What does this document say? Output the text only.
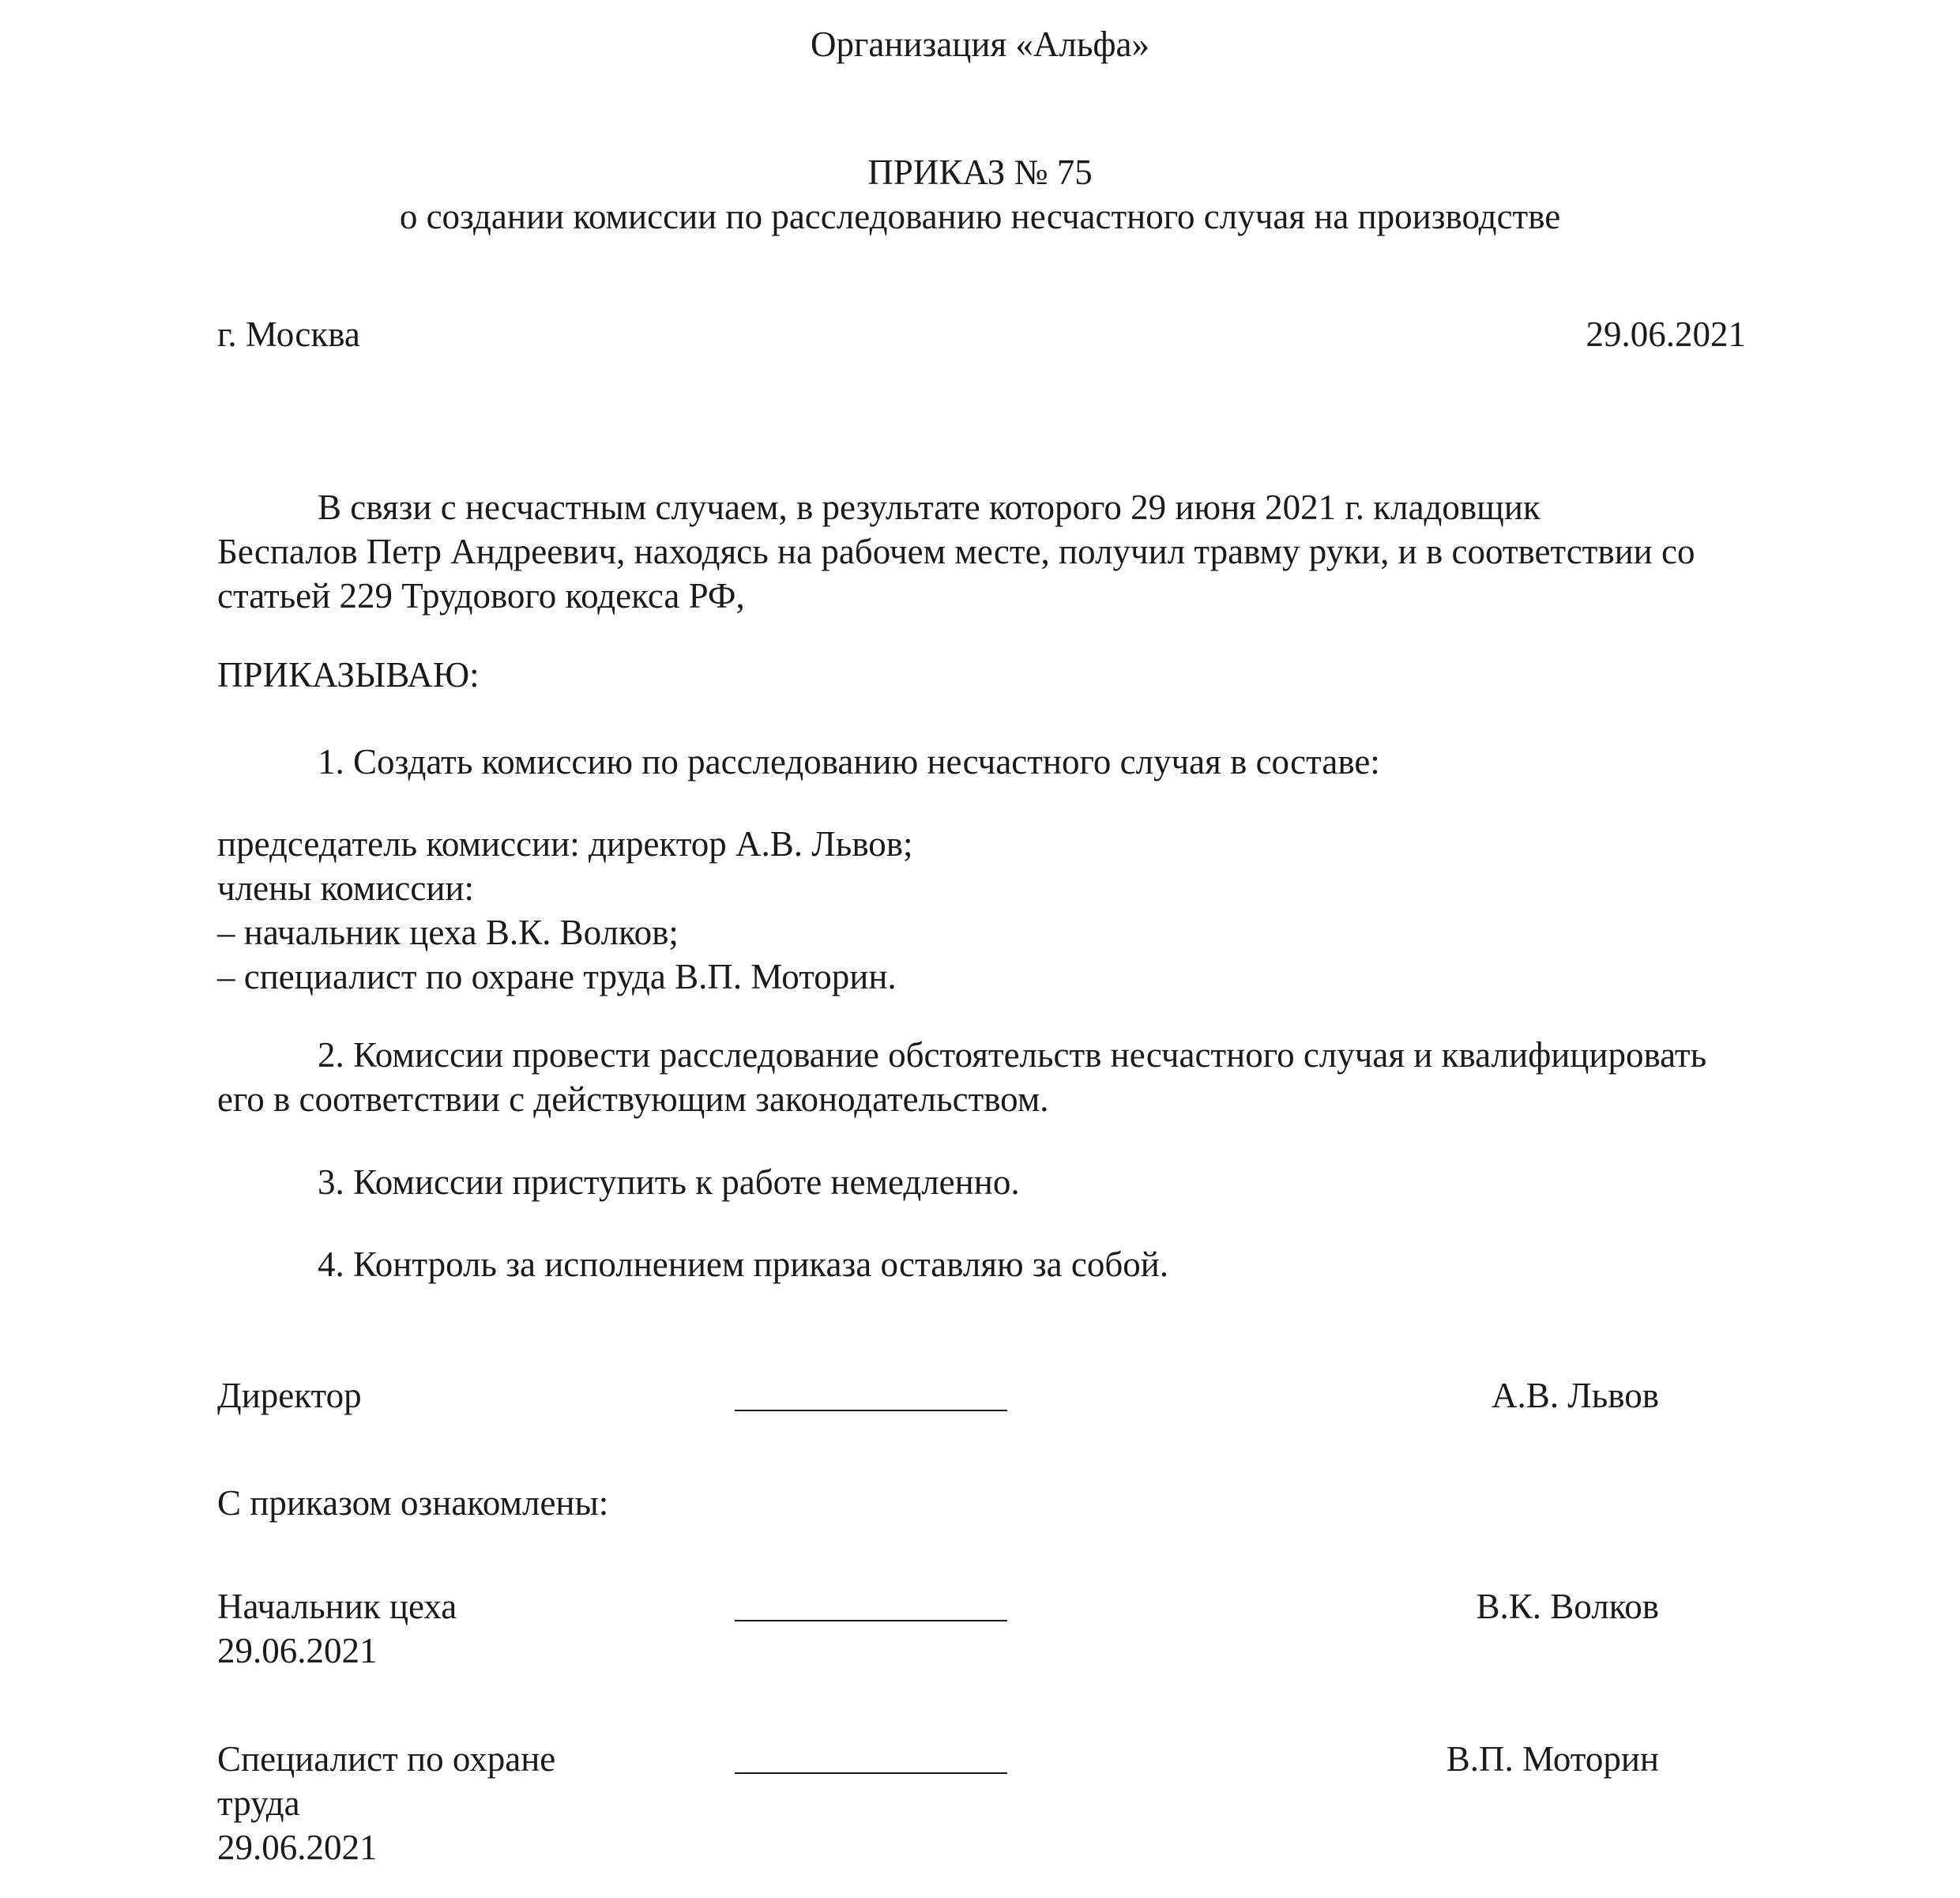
Организация «Альфа»

ПРИКАЗ № 75

о создании комиссии по расследованию несчастного случая на производстве

г. Москва	29.06.2021

В связи с несчастным случаем, в результате которого 29 июня 2021 г. кладовщик

Беспалов Петр Андреевич, находясь на рабочем месте, получил травму руки, и в соответствии со

статьей 229 Трудового кодекса РФ,

ПРИКАЗЫВАЮ:

1. Создать комиссию по расследованию несчастного случая в составе:

председатель комиссии: директор А.В. Львов;

члены комиссии:

– начальник цеха В.К. Волков;

– специалист по охране труда В.П. Моторин.

2. Комиссии провести расследование обстоятельств несчастного случая и квалифицировать

его в соответствии с действующим законодательством.

3. Комиссии приступить к работе немедленно.

4. Контроль за исполнением приказа оставляю за собой.

Директор	А.В. Львов

С приказом ознакомлены:

Начальник цеха

29.06.2021

В.К. Волков

Специалист по охране

труда

29.06.2021

В.П. Моторин
